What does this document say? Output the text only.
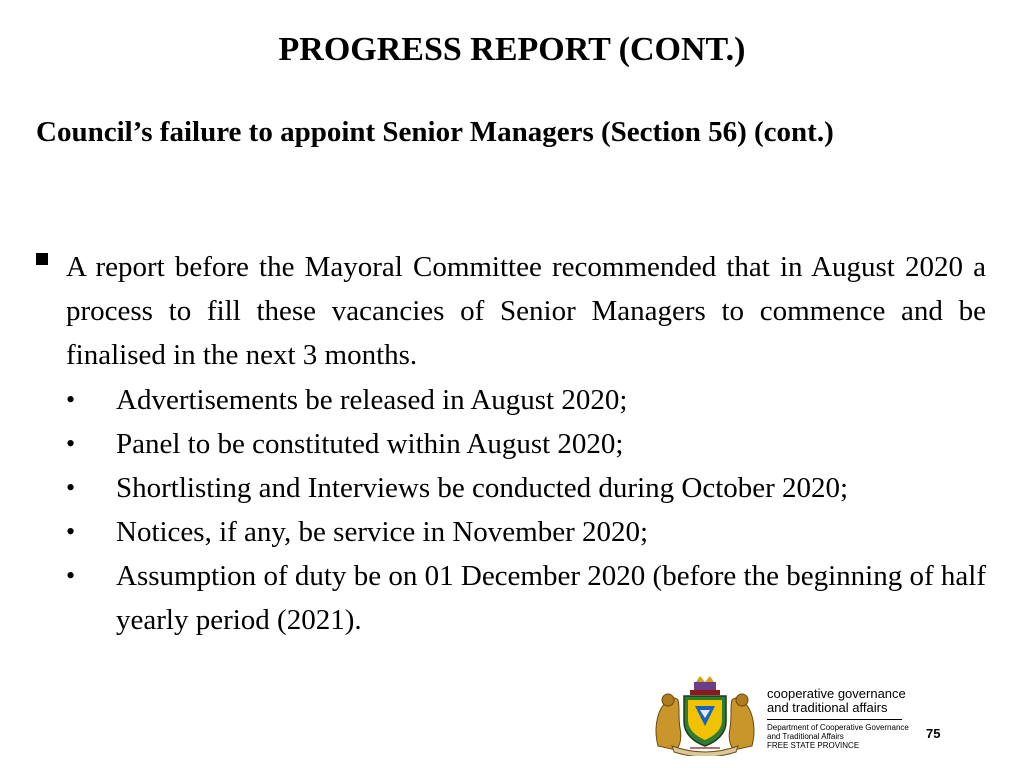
PROGRESS REPORT (CONT.)
Council’s failure to appoint Senior Managers (Section 56) (cont.)
A report before the Mayoral Committee recommended that in August 2020 a process to fill these vacancies of Senior Managers to commence and be finalised in the next 3 months.
• Advertisements be released in August 2020;
• Panel to be constituted within August 2020;
• Shortlisting and Interviews be conducted during October 2020;
• Notices, if any, be service in November 2020;
• Assumption of duty be on 01 December 2020 (before the beginning of half yearly period (2021).
cooperative governance
and traditional affairs
Department of Cooperative Governance
and Traditional Affairs
FREE STATE PROVINCE
75
